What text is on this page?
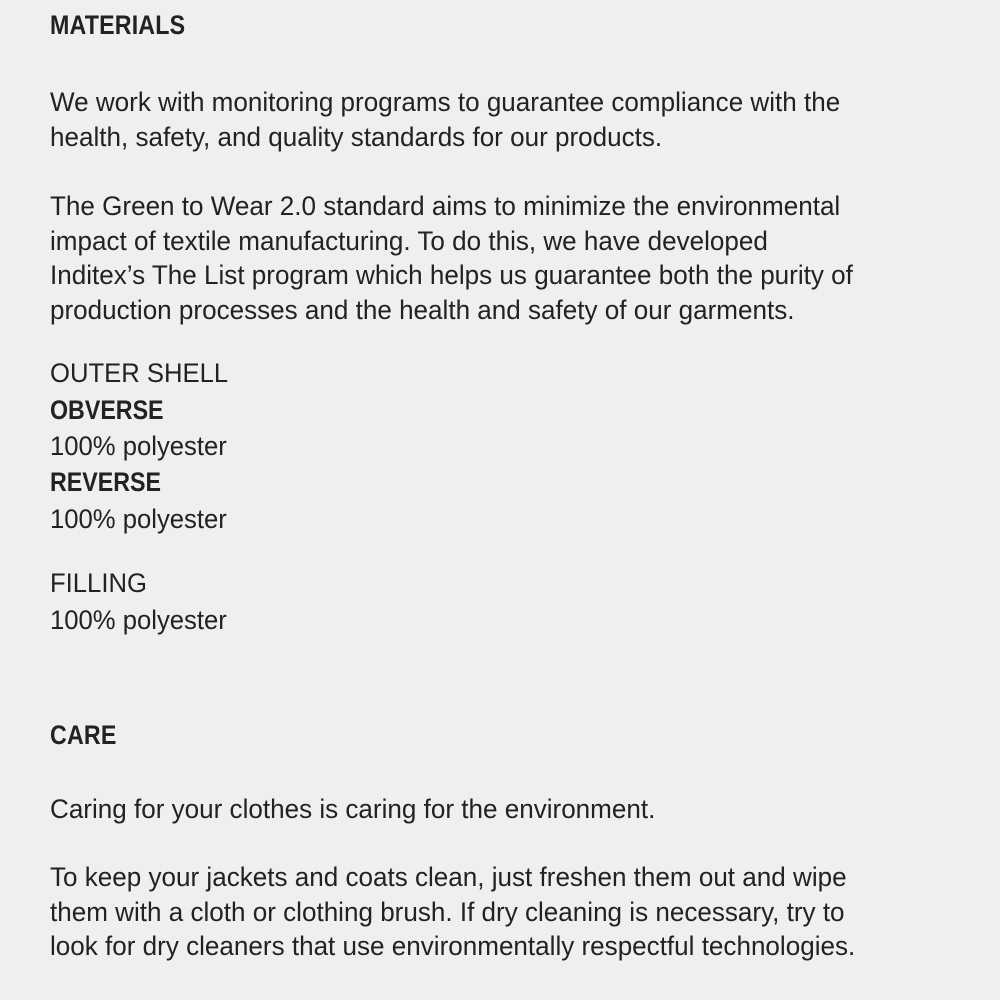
MATERIALS

We work with monitoring programs to guarantee compliance with the
health, safety, and quality standards for our products.

The Green to Wear 2.0 standard aims to minimize the environmental
impact of textile manufacturing. To do this, we have developed
Inditex’s The List program which helps us guarantee both the purity of
production processes and the health and safety of our garments.

OUTER SHELL
OBVERSE
100% polyester
REVERSE
100% polyester
FILLING
100% polyester
CARE

Caring for your clothes is caring for the environment.

To keep your jackets and coats clean, just freshen them out and wipe
them with a cloth or clothing brush. If dry cleaning is necessary, try to
look for dry cleaners that use environmentally respectful technologies.
